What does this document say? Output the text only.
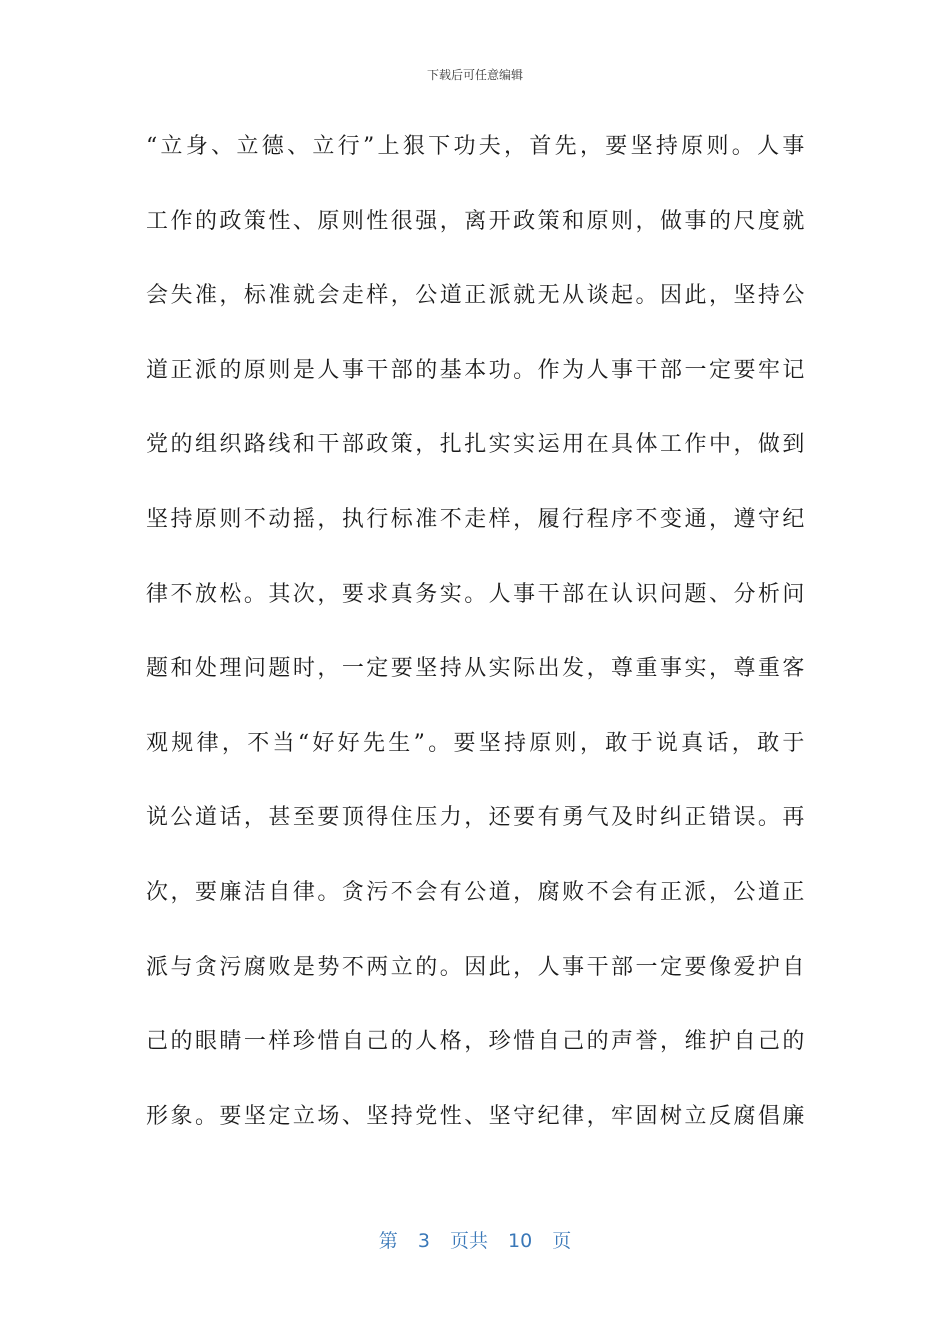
下载后可任意编辑
“立身、立德、立行”上狠下功夫，首先，要坚持原则。人事
工作的政策性、原则性很强，离开政策和原则，做事的尺度就
会失准，标准就会走样，公道正派就无从谈起。因此，坚持公
道正派的原则是人事干部的基本功。作为人事干部一定要牢记
党的组织路线和干部政策，扎扎实实运用在具体工作中，做到
坚持原则不动摇，执行标准不走样，履行程序不变通，遵守纪
律不放松。其次，要求真务实。人事干部在认识问题、分析问
题和处理问题时，一定要坚持从实际出发，尊重事实，尊重客
观规律，不当“好好先生”。要坚持原则，敢于说真话，敢于
说公道话，甚至要顶得住压力，还要有勇气及时纠正错误。再
次，要廉洁自律。贪污不会有公道，腐败不会有正派，公道正
派与贪污腐败是势不两立的。因此，人事干部一定要像爱护自
己的眼睛一样珍惜自己的人格，珍惜自己的声誉，维护自己的
形象。要坚定立场、坚持党性、坚守纪律，牢固树立反腐倡廉
第 3 页共 10 页
